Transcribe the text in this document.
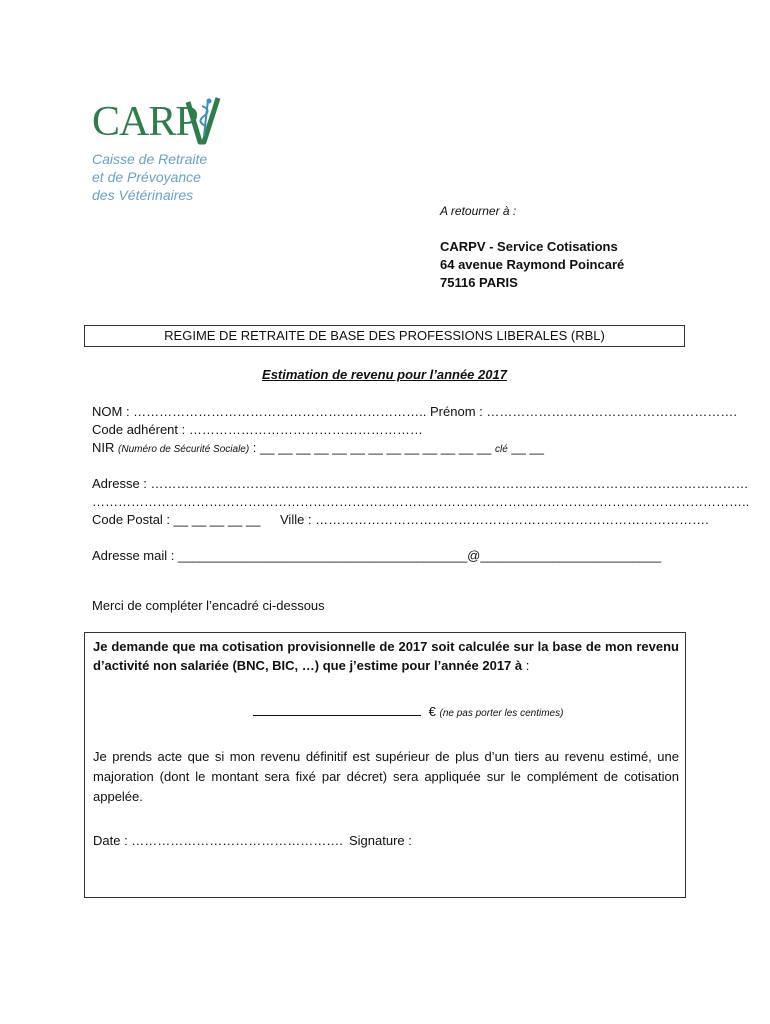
CARP
Caisse de Retraite
et de Prévoyance
des Vétérinaires
A retourner à :
CARPV - Service Cotisations
64 avenue Raymond Poincaré
75116 PARIS
REGIME DE RETRAITE DE BASE DES PROFESSIONS LIBERALES (RBL)
Estimation de revenu pour l’année 2017
NOM : ………………………………………………………….. Prénom : ………………………………………………….
Code adhérent : ………………………………………………
NIR (Numéro de Sécurité Sociale) : __ __ __ __ __ __ __ __ __ __ __ __ __ clé __ __
Adresse : …………………………………………………………………………………………………………………………
……………………………………………………………………………………………………………………………………..
Code Postal : __ __ __ __ __ Ville : ……………………………………………………………………………….
Adresse mail : ________________________________________@_________________________
Merci de compléter l’encadré ci-dessous
Je demande que ma cotisation provisionnelle de 2017 soit calculée sur la base de mon revenu d’activité non salariée (BNC, BIC, …) que j’estime pour l’année 2017 à :
€ (ne pas porter les centimes)
Je prends acte que si mon revenu définitif est supérieur de plus d’un tiers au revenu estimé, une majoration (dont le montant sera fixé par décret) sera appliquée sur le complément de cotisation appelée.
Date : …………………………………………. Signature :
